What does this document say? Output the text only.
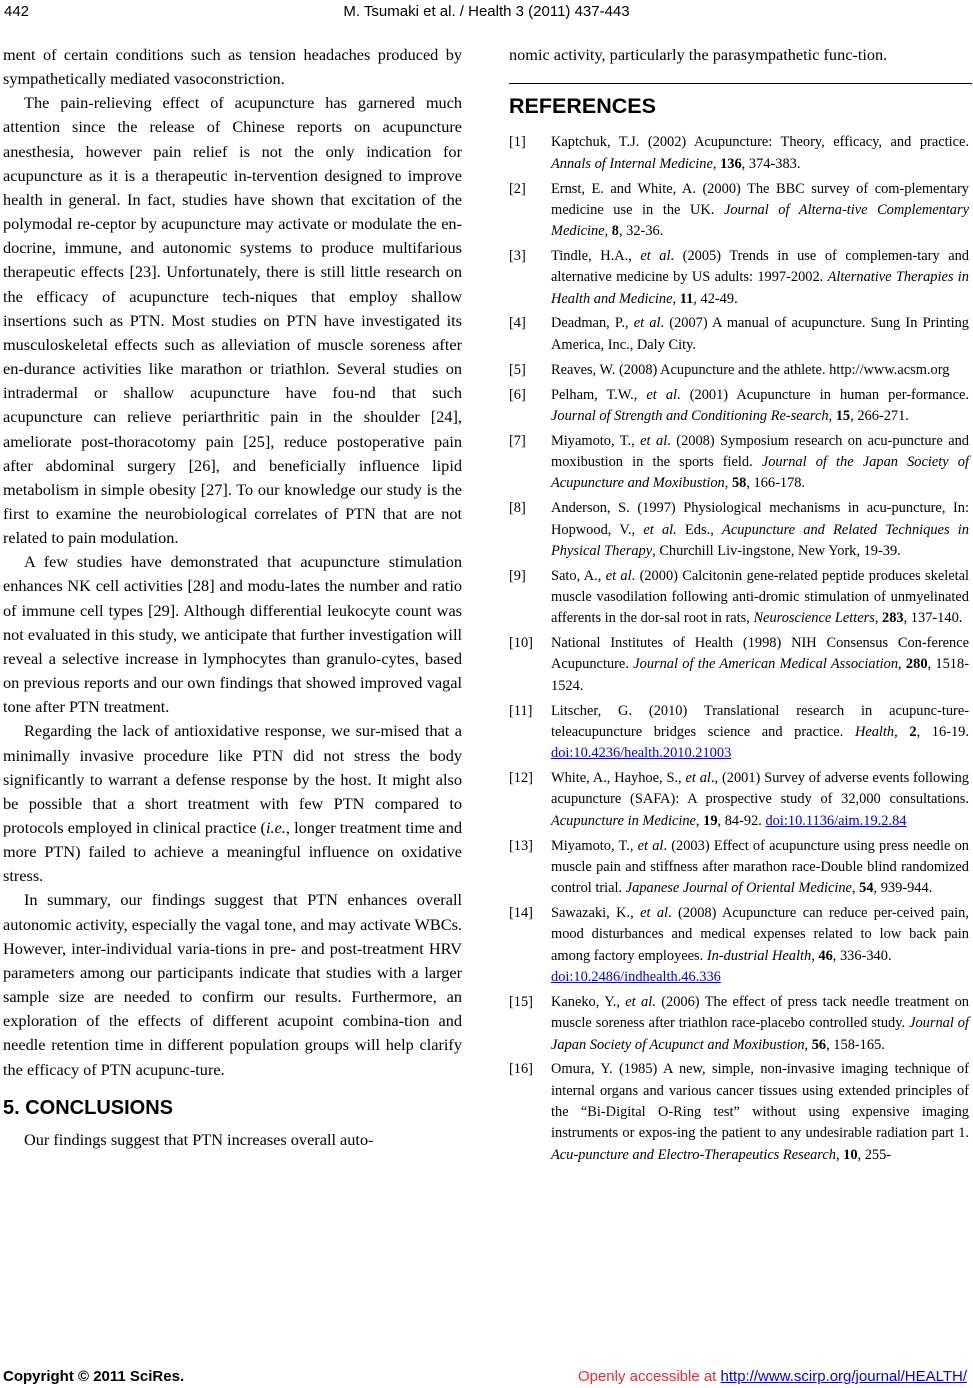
442	M. Tsumaki et al. / Health 3 (2011) 437-443

ment of certain conditions such as tension headaches produced by sympathetically mediated vasoconstriction.

The pain-relieving effect of acupuncture has garnered much attention since the release of Chinese reports on acupuncture anesthesia, however pain relief is not the only indication for acupuncture as it is a therapeutic in-tervention designed to improve health in general. In fact, studies have shown that excitation of the polymodal re-ceptor by acupuncture may activate or modulate the en-docrine, immune, and autonomic systems to produce multifarious therapeutic effects [23]. Unfortunately, there is still little research on the efficacy of acupuncture tech-niques that employ shallow insertions such as PTN. Most studies on PTN have investigated its musculoskeletal effects such as alleviation of muscle soreness after en-durance activities like marathon or triathlon. Several studies on intradermal or shallow acupuncture have fou-nd that such acupuncture can relieve periarthritic pain in the shoulder [24], ameliorate post-thoracotomy pain [25], reduce postoperative pain after abdominal surgery [26], and beneficially influence lipid metabolism in simple obesity [27]. To our knowledge our study is the first to examine the neurobiological correlates of PTN that are not related to pain modulation.

A few studies have demonstrated that acupuncture stimulation enhances NK cell activities [28] and modu-lates the number and ratio of immune cell types [29]. Although differential leukocyte count was not evaluated in this study, we anticipate that further investigation will reveal a selective increase in lymphocytes than granulo-cytes, based on previous reports and our own findings that showed improved vagal tone after PTN treatment.

Regarding the lack of antioxidative response, we sur-mised that a minimally invasive procedure like PTN did not stress the body significantly to warrant a defense response by the host. It might also be possible that a short treatment with few PTN compared to protocols employed in clinical practice (i.e., longer treatment time and more PTN) failed to achieve a meaningful influence on oxidative stress.

In summary, our findings suggest that PTN enhances overall autonomic activity, especially the vagal tone, and may activate WBCs. However, inter-individual varia-tions in pre- and post-treatment HRV parameters among our participants indicate that studies with a larger sample size are needed to confirm our results. Furthermore, an exploration of the effects of different acupoint combina-tion and needle retention time in different population groups will help clarify the efficacy of PTN acupunc-ture.

5. CONCLUSIONS

Our findings suggest that PTN increases overall auto-

nomic activity, particularly the parasympathetic func-tion.

REFERENCES
[1]	Kaptchuk, T.J. (2002) Acupuncture: Theory, efficacy, and practice. Annals of Internal Medicine, 136, 374-383.
[2]	Ernst, E. and White, A. (2000) The BBC survey of com-plementary medicine use in the UK. Journal of Alterna-tive Complementary Medicine, 8, 32-36.
[3]	Tindle, H.A., et al. (2005) Trends in use of complemen-tary and alternative medicine by US adults: 1997-2002. Alternative Therapies in Health and Medicine, 11, 42-49.
[4]	Deadman, P., et al. (2007) A manual of acupuncture. Sung In Printing America, Inc., Daly City.
[5]	Reaves, W. (2008) Acupuncture and the athlete. http://www.acsm.org
[6]	Pelham, T.W., et al. (2001) Acupuncture in human per-formance. Journal of Strength and Conditioning Re-search, 15, 266-271.
[7]	Miyamoto, T., et al. (2008) Symposium research on acu-puncture and moxibustion in the sports field. Journal of the Japan Society of Acupuncture and Moxibustion, 58, 166-178.
[8]	Anderson, S. (1997) Physiological mechanisms in acu-puncture, In: Hopwood, V., et al. Eds., Acupuncture and Related Techniques in Physical Therapy, Churchill Liv-ingstone, New York, 19-39.
[9]	Sato, A., et al. (2000) Calcitonin gene-related peptide produces skeletal muscle vasodilation following anti-dromic stimulation of unmyelinated afferents in the dor-sal root in rats, Neuroscience Letters, 283, 137-140.
[10]	National Institutes of Health (1998) NIH Consensus Con-ference Acupuncture. Journal of the American Medical Association, 280, 1518-1524.
[11]	Litscher, G. (2010) Translational research in acupunc-ture-teleacupuncture bridges science and practice. Health, 2, 16-19. doi:10.4236/health.2010.21003
[12]	White, A., Hayhoe, S., et al., (2001) Survey of adverse events following acupuncture (SAFA): A prospective study of 32,000 consultations. Acupuncture in Medicine, 19, 84-92. doi:10.1136/aim.19.2.84
[13]	Miyamoto, T., et al. (2003) Effect of acupuncture using press needle on muscle pain and stiffness after marathon race-Double blind randomized control trial. Japanese Journal of Oriental Medicine, 54, 939-944.
[14]	Sawazaki, K., et al. (2008) Acupuncture can reduce per-ceived pain, mood disturbances and medical expenses related to low back pain among factory employees. In-dustrial Health, 46, 336-340.
doi:10.2486/indhealth.46.336
[15]	Kaneko, Y., et al. (2006) The effect of press tack needle treatment on muscle soreness after triathlon race-placebo controlled study. Journal of Japan Society of Acupunct and Moxibustion, 56, 158-165.
[16]	Omura, Y. (1985) A new, simple, non-invasive imaging technique of internal organs and various cancer tissues using extended principles of the “Bi-Digital O-Ring test” without using expensive imaging instruments or expos-ing the patient to any undesirable radiation part 1. Acu-puncture and Electro-Therapeutics Research, 10, 255-
Copyright © 2011 SciRes.	Openly accessible at http://www.scirp.org/journal/HEALTH/
